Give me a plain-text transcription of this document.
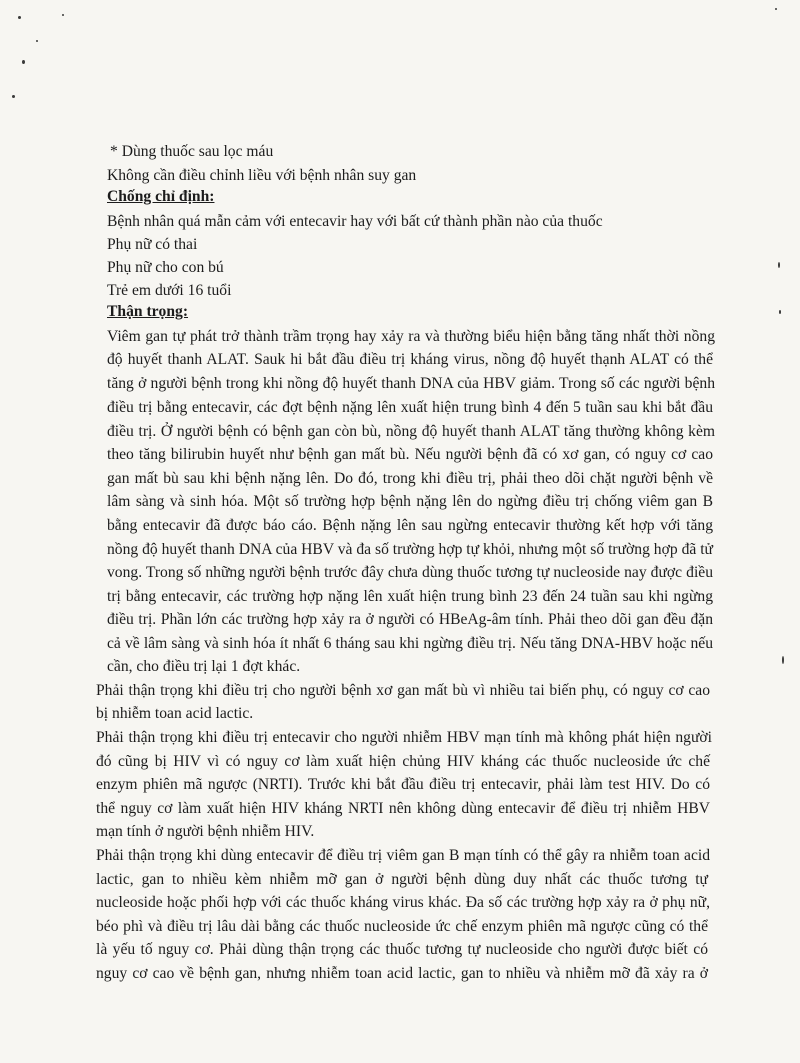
* Dùng thuốc sau lọc máu
Không cần điều chỉnh liều với bệnh nhân suy gan
Chống chỉ định:
Bệnh nhân quá mẫn cảm với entecavir hay với bất cứ thành phần nào của thuốc
Phụ nữ có thai
Phụ nữ cho con bú
Trẻ em dưới 16 tuổi
Thận trọng:
Viêm gan tự phát trở thành trầm trọng hay xảy ra và thường biểu hiện bằng tăng nhất thời nồng
độ huyết thanh ALAT. Sauk hi bắt đầu điều trị kháng virus, nồng độ huyết thạnh ALAT có thể
tăng ở người bệnh trong khi nồng độ huyết thanh DNA của HBV giảm. Trong số các người bệnh
điều trị bằng entecavir, các đợt bệnh nặng lên xuất hiện trung bình 4 đến 5 tuần sau khi bắt đầu
điều trị. Ở người bệnh có bệnh gan còn bù, nồng độ huyết thanh ALAT tăng thường không kèm
theo tăng bilirubin huyết như bệnh gan mất bù. Nếu người bệnh đã có xơ gan, có nguy cơ cao
gan mất bù sau khi bệnh nặng lên. Do đó, trong khi điều trị, phải theo dõi chặt người bệnh về
lâm sàng và sinh hóa. Một số trường hợp bệnh nặng lên do ngừng điều trị chống viêm gan B
bằng entecavir đã được báo cáo. Bệnh nặng lên sau ngừng entecavir thường kết hợp với tăng
nồng độ huyết thanh DNA của HBV và đa số trường hợp tự khỏi, nhưng một số trường hợp đã tử
vong. Trong số những người bệnh trước đây chưa dùng thuốc tương tự nucleoside nay được điều
trị bằng entecavir, các trường hợp nặng lên xuất hiện trung bình 23 đến 24 tuần sau khi ngừng
điều trị. Phần lớn các trường hợp xảy ra ở người có HBeAg-âm tính. Phải theo dõi gan đều đặn
cả về lâm sàng và sinh hóa ít nhất 6 tháng sau khi ngừng điều trị. Nếu tăng DNA-HBV hoặc nếu
cần, cho điều trị lại 1 đợt khác.
Phải thận trọng khi điều trị cho người bệnh xơ gan mất bù vì nhiều tai biến phụ, có nguy cơ cao
bị nhiễm toan acid lactic.
Phải thận trọng khi điều trị entecavir cho người nhiễm HBV mạn tính mà không phát hiện người
đó cũng bị HIV vì có nguy cơ làm xuất hiện chủng HIV kháng các thuốc nucleoside ức chế
enzym phiên mã ngược (NRTI). Trước khi bắt đầu điều trị entecavir, phải làm test HIV. Do có
thể nguy cơ làm xuất hiện HIV kháng NRTI nên không dùng entecavir để điều trị nhiễm HBV
mạn tính ở người bệnh nhiễm HIV.
Phải thận trọng khi dùng entecavir để điều trị viêm gan B mạn tính có thể gây ra nhiễm toan acid
lactic, gan to nhiều kèm nhiễm mỡ gan ở người bệnh dùng duy nhất các thuốc tương tự
nucleoside hoặc phối hợp với các thuốc kháng virus khác. Đa số các trường hợp xảy ra ở phụ nữ,
béo phì và điều trị lâu dài bằng các thuốc nucleoside ức chế enzym phiên mã ngược cũng có thể
là yếu tố nguy cơ. Phải dùng thận trọng các thuốc tương tự nucleoside cho người được biết có
nguy cơ cao về bệnh gan, nhưng nhiễm toan acid lactic, gan to nhiều và nhiễm mỡ đã xảy ra ở
